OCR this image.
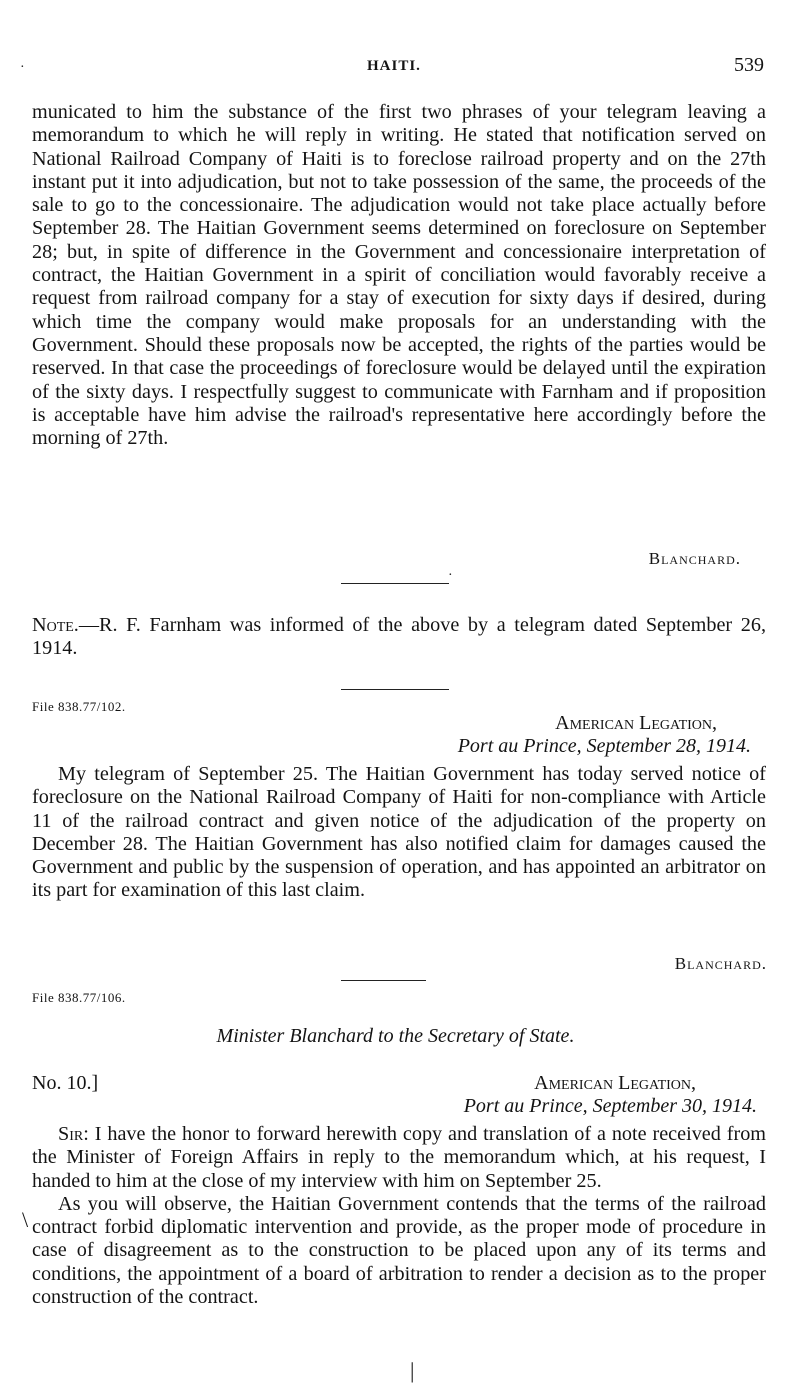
HAITI.	539

municated to him the substance of the first two phrases of your telegram leaving a memorandum to which he will reply in writing. He stated that notification served on National Railroad Company of Haiti is to foreclose railroad property and on the 27th instant put it into adjudication, but not to take possession of the same, the proceeds of the sale to go to the concessionaire. The adjudication would not take place actually before September 28. The Haitian Government seems determined on foreclosure on September 28; but, in spite of difference in the Government and concessionaire interpretation of contract, the Haitian Government in a spirit of conciliation would favorably receive a request from railroad company for a stay of execution for sixty days if desired, during which time the company would make proposals for an understanding with the Government. Should these proposals now be accepted, the rights of the parties would be reserved. In that case the proceedings of foreclosure would be delayed until the expiration of the sixty days. I respectfully suggest to communicate with Farnham and if proposition is acceptable have him advise the railroad's representative here accordingly before the morning of 27th.

Blanchard.

Note.—R. F. Farnham was informed of the above by a telegram dated September 26, 1914.

File 838.77/102.
American Legation,
Port au Prince, September 28, 1914.

My telegram of September 25. The Haitian Government has today served notice of foreclosure on the National Railroad Company of Haiti for non-compliance with Article 11 of the railroad contract and given notice of the adjudication of the property on December 28. The Haitian Government has also notified claim for damages caused the Government and public by the suspension of operation, and has appointed an arbitrator on its part for examination of this last claim.

Blanchard.
File 838.77/106.
Minister Blanchard to the Secretary of State.
No. 10.]	American Legation,
Port au Prince, September 30, 1914.

Sir: I have the honor to forward herewith copy and translation of a note received from the Minister of Foreign Affairs in reply to the memorandum which, at his request, I handed to him at the close of my interview with him on September 25.

As you will observe, the Haitian Government contends that the terms of the railroad contract forbid diplomatic intervention and provide, as the proper mode of procedure in case of disagreement as to the construction to be placed upon any of its terms and conditions, the appointment of a board of arbitration to render a decision as to the proper construction of the contract.

·
·
\
|
